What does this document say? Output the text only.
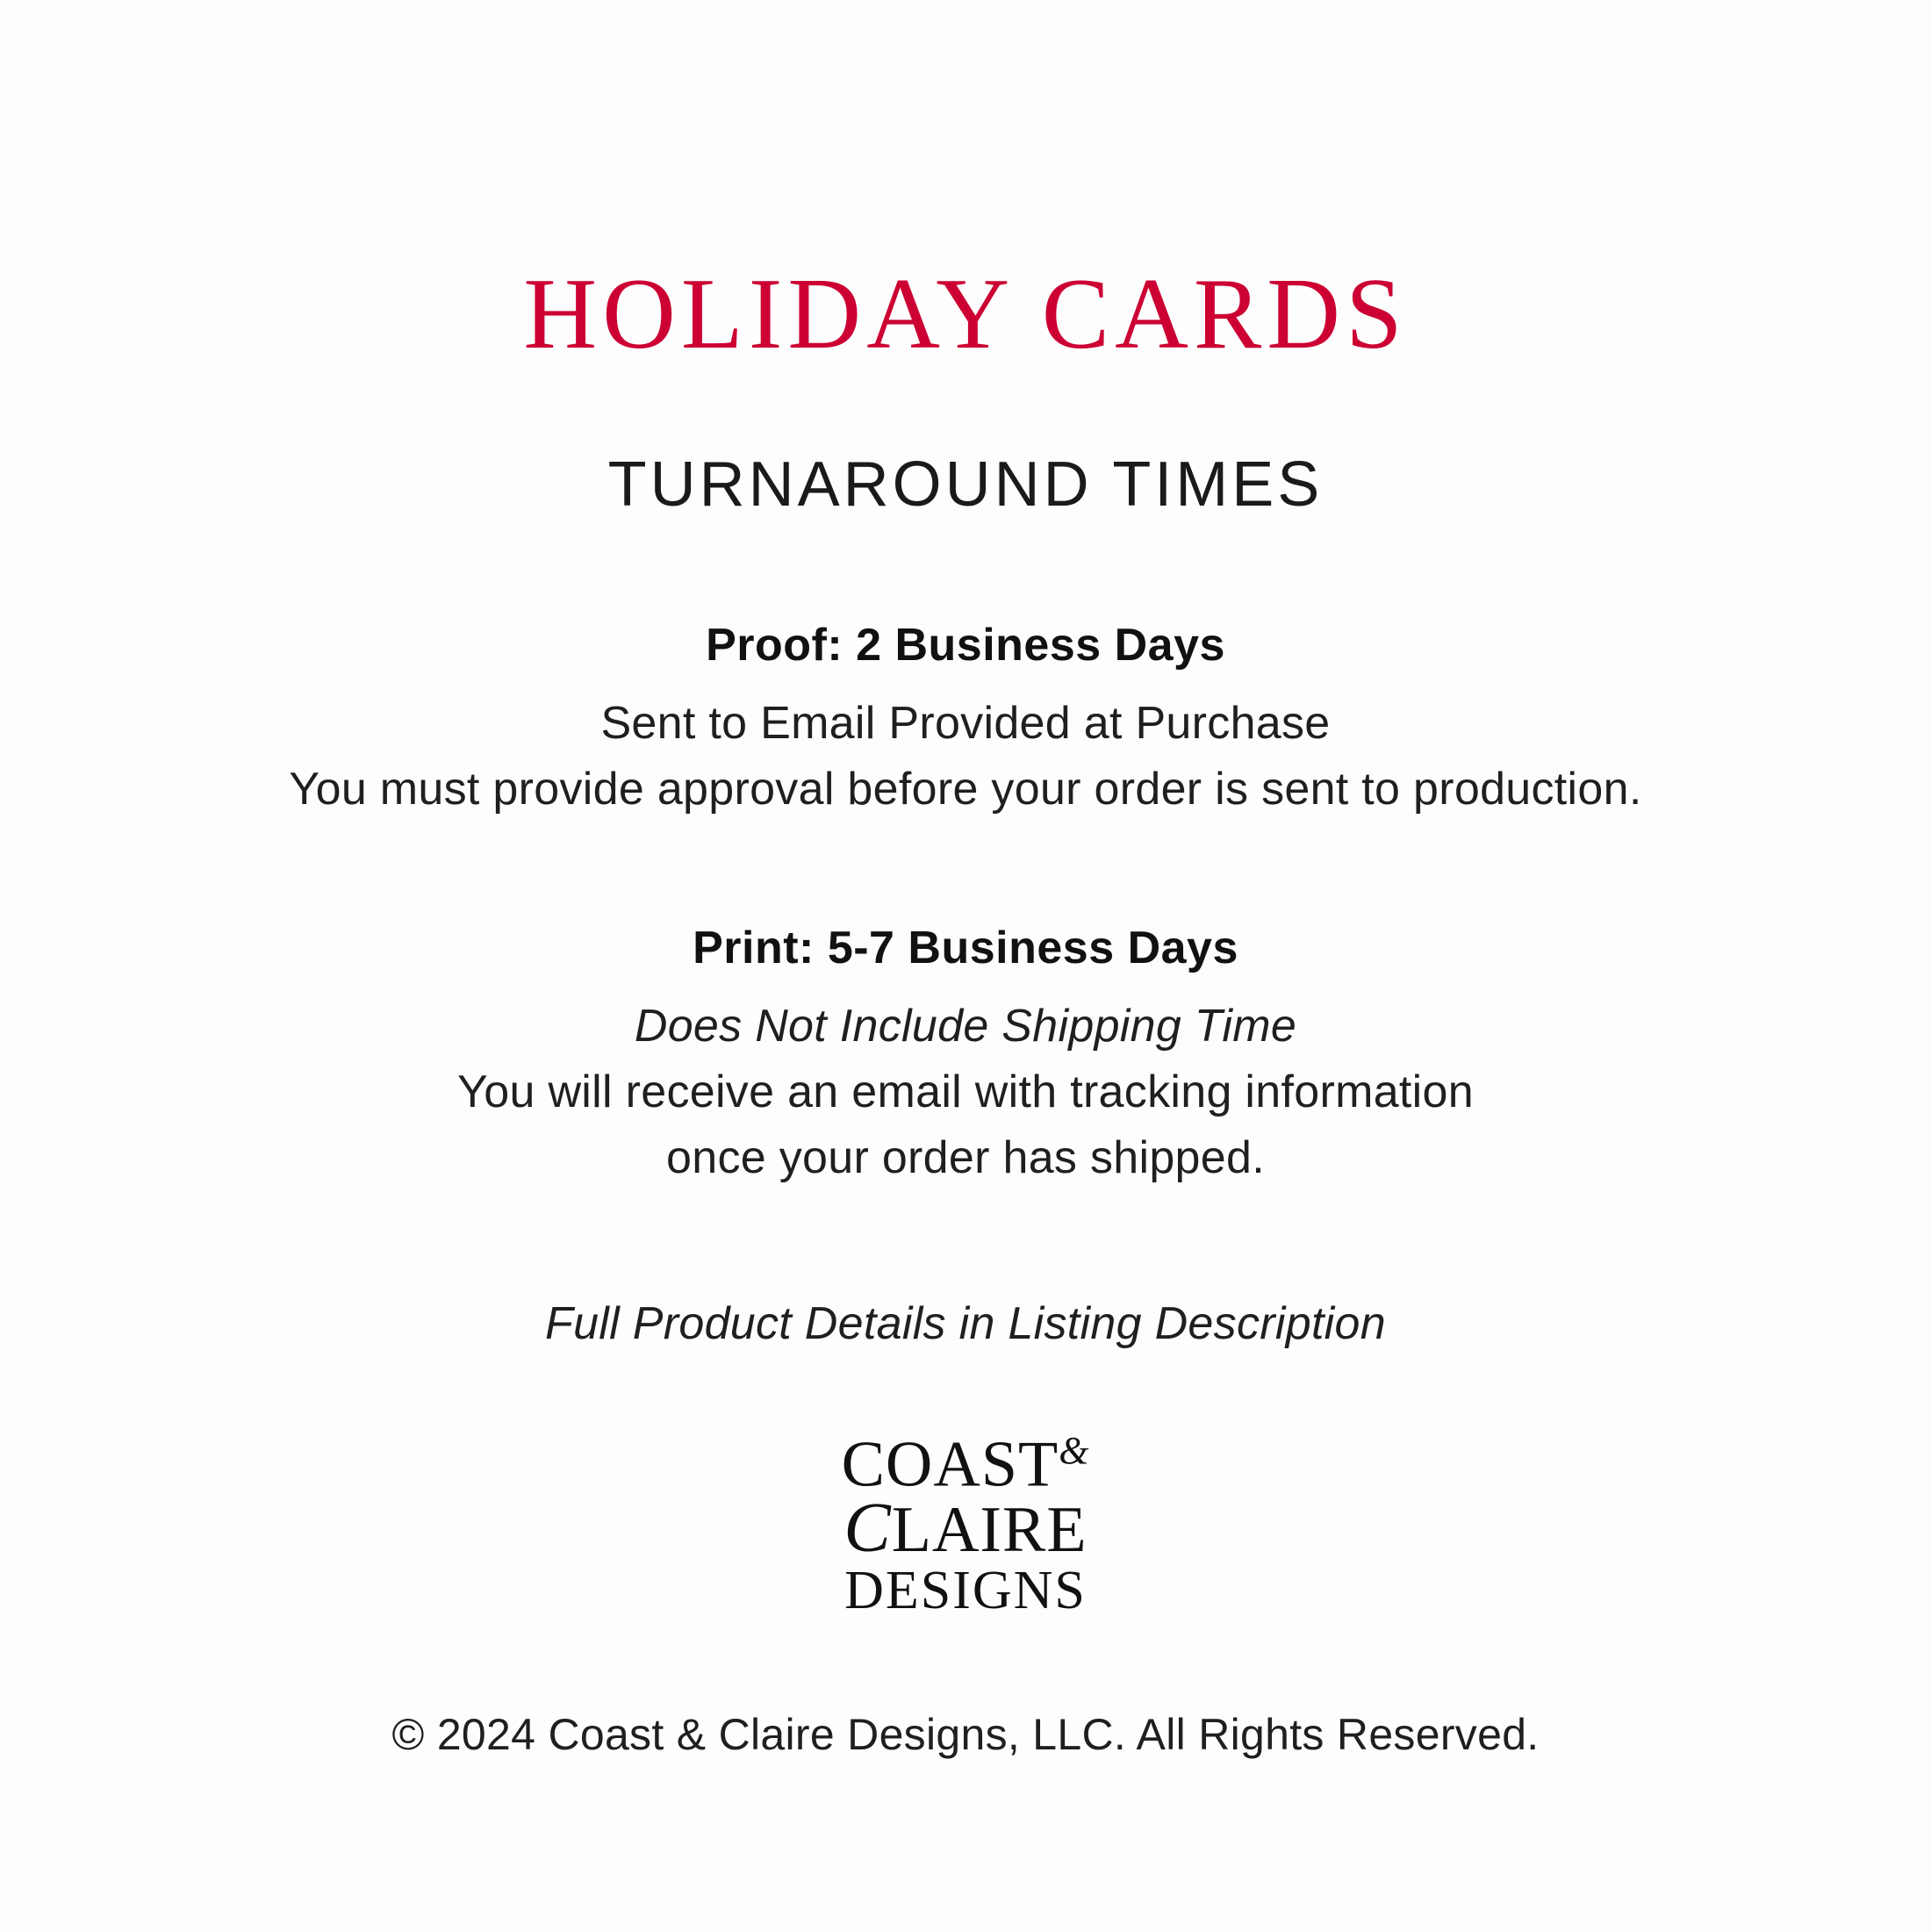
HOLIDAY CARDS
TURNAROUND TIMES
Proof: 2 Business Days
Sent to Email Provided at Purchase
You must provide approval before your order is sent to production.
Print: 5-7 Business Days
Does Not Include Shipping Time
You will receive an email with tracking information
once your order has shipped.
Full Product Details in Listing Description
COAST&
CLAIRE
DESIGNS
© 2024 Coast & Claire Designs, LLC. All Rights Reserved.
